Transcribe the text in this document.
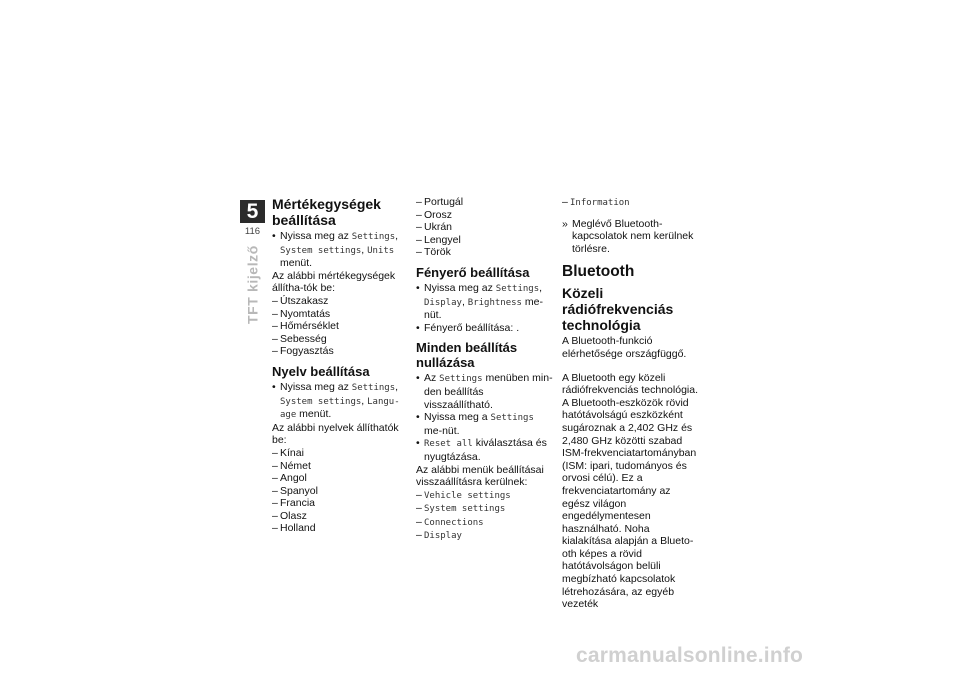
5
116
TFT kijelző
Mértékegységek beállítása

• Nyissa meg az Settings, System settings, Units menüt.

Az alábbi mértékegységek állítha-tók be:

– Útszakasz

– Nyomtatás

– Hőmérséklet

– Sebesség

– Fogyasztás

Nyelv beállítása

• Nyissa meg az Settings, System settings, Langu-age menüt.

Az alábbi nyelvek állíthatók be:

– Kínai

– Német

– Angol

– Spanyol

– Francia

– Olasz

– Holland

– Portugál

– Orosz

– Ukrán

– Lengyel

– Török

Fényerő beállítása

• Nyissa meg az Settings, Display, Brightness me-nüt.

• Fényerő beállítása: .

Minden beállítás nullázása

• Az Settings menüben min-den beállítás visszaállítható.

• Nyissa meg a Settings me-nüt.

• Reset all kiválasztása és nyugtázása.

Az alábbi menük beállításai visszaállításra kerülnek:

– Vehicle settings

– System settings

– Connections

– Display

– Information

» Meglévő Bluetooth-kapcsolatok nem kerülnek törlésre.

Bluetooth
Közeli rádiófrekvenciás technológia

A Bluetooth-funkció elérhetősége országfüggő.

A Bluetooth egy közeli rádiófrekvenciás technológia. A Bluetooth-eszközök rövid hatótávolságú eszközként sugároznak a 2,402 GHz és 2,480 GHz közötti szabad ISM-frekvenciatartományban (ISM: ipari, tudományos és orvosi célú). Ez a frekvenciatartomány az egész világon engedélymentesen használható. Noha kialakítása alapján a Blueto-oth képes a rövid hatótávolságon belüli megbízható kapcsolatok létrehozására, az egyéb vezeték

carmanualsonline.info
